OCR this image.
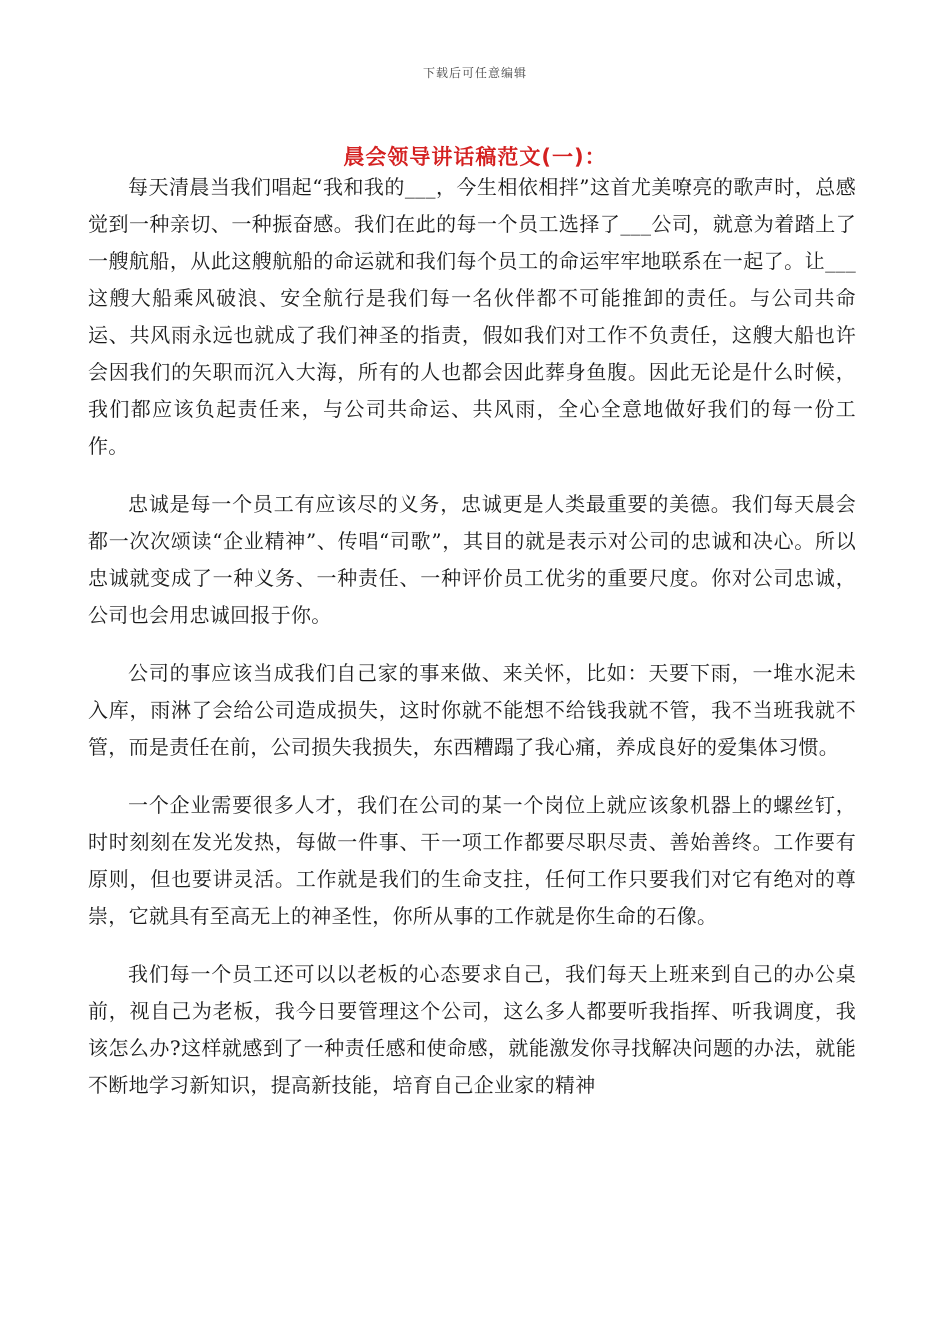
下载后可任意编辑
晨会领导讲话稿范文(一)：

每天清晨当我们唱起“我和我的___，今生相依相拌”这首尤美嘹亮的歌声时，总感觉到一种亲切、一种振奋感。我们在此的每一个员工选择了___公司，就意为着踏上了一艘航船，从此这艘航船的命运就和我们每个员工的命运牢牢地联系在一起了。让___这艘大船乘风破浪、安全航行是我们每一名伙伴都不可能推卸的责任。与公司共命运、共风雨永远也就成了我们神圣的指责，假如我们对工作不负责任，这艘大船也许会因我们的矢职而沉入大海，所有的人也都会因此葬身鱼腹。因此无论是什么时候，我们都应该负起责任来，与公司共命运、共风雨，全心全意地做好我们的每一份工作。

忠诚是每一个员工有应该尽的义务，忠诚更是人类最重要的美德。我们每天晨会都一次次颂读“企业精神”、传唱“司歌”，其目的就是表示对公司的忠诚和决心。所以忠诚就变成了一种义务、一种责任、一种评价员工优劣的重要尺度。你对公司忠诚，公司也会用忠诚回报于你。

公司的事应该当成我们自己家的事来做、来关怀，比如：天要下雨，一堆水泥未入库，雨淋了会给公司造成损失，这时你就不能想不给钱我就不管，我不当班我就不管，而是责任在前，公司损失我损失，东西糟蹋了我心痛，养成良好的爱集体习惯。

一个企业需要很多人才，我们在公司的某一个岗位上就应该象机器上的螺丝钉，时时刻刻在发光发热，每做一件事、干一项工作都要尽职尽责、善始善终。工作要有原则，但也要讲灵活。工作就是我们的生命支拄，任何工作只要我们对它有绝对的尊崇，它就具有至高无上的神圣性，你所从事的工作就是你生命的石像。

我们每一个员工还可以以老板的心态要求自己，我们每天上班来到自己的办公桌前，视自己为老板，我今日要管理这个公司，这么多人都要听我指挥、听我调度，我该怎么办?这样就感到了一种责任感和使命感，就能激发你寻找解决问题的办法，就能不断地学习新知识，提高新技能，培育自己企业家的精神
